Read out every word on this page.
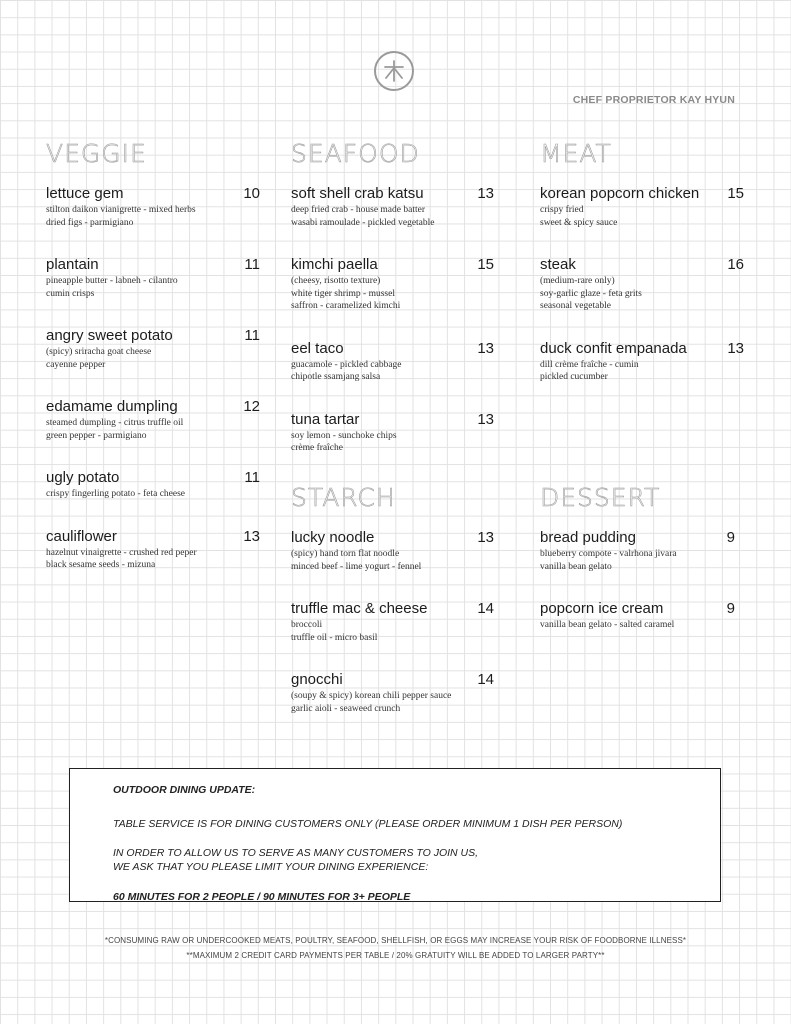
CHEF PROPRIETOR KAY HYUN
VEGGIE
lettuce gem	10
stilton daikon vianigrette - mixed herbs
dried figs - parmigiano
plantain	11
pineapple butter - labneh - cilantro
cumin crisps
angry sweet potato	11
(spicy) sriracha goat cheese
cayenne pepper
edamame dumpling	12
steamed dumpling - citrus truffle oil
green pepper - parmigiano
ugly potato	11
crispy fingerling potato - feta cheese
cauliflower	13
hazelnut vinaigrette - crushed red peper
black sesame seeds - mizuna
SEAFOOD
soft shell crab katsu	13
deep fried crab - house made batter
wasabi ramoulade - pickled vegetable
kimchi paella	15
(cheesy, risotto texture)
white tiger shrimp - mussel
saffron - caramelized kimchi
eel taco	13
guacamole - pickled cabbage
chipotle ssamjang salsa
tuna tartar	13
soy lemon - sunchoke chips
crème fraîche
MEAT
korean popcorn chicken 15
crispy fried
sweet & spicy sauce
steak	16
(medium-rare only)
soy-garlic glaze - feta grits
seasonal vegetable
duck confit empanada	13
dill crème fraîche - cumin
pickled cucumber
STARCH
lucky noodle	13
(spicy) hand torn flat noodle
minced beef - lime yogurt - fennel
truffle mac & cheese	14
broccoli
truffle oil - micro basil
gnocchi	14
(soupy & spicy) korean chili pepper sauce
garlic aioli - seaweed crunch
DESSERT
bread pudding	9
blueberry compote - valrhona jivara
vanilla bean gelato
popcorn ice cream	9
vanilla bean gelato - salted caramel

OUTDOOR DINING UPDATE:

TABLE SERVICE IS FOR DINING CUSTOMERS ONLY (PLEASE ORDER MINIMUM 1 DISH PER PERSON)

IN ORDER TO ALLOW US TO SERVE AS MANY CUSTOMERS TO JOIN US,
WE ASK THAT YOU PLEASE LIMIT YOUR DINING EXPERIENCE:

60 MINUTES FOR 2 PEOPLE / 90 MINUTES FOR 3+ PEOPLE

*CONSUMING RAW OR UNDERCOOKED MEATS, POULTRY, SEAFOOD, SHELLFISH, OR EGGS MAY INCREASE YOUR RISK OF FOODBORNE ILLNESS*
**MAXIMUM 2 CREDIT CARD PAYMENTS PER TABLE / 20% GRATUITY WILL BE ADDED TO LARGER PARTY**
